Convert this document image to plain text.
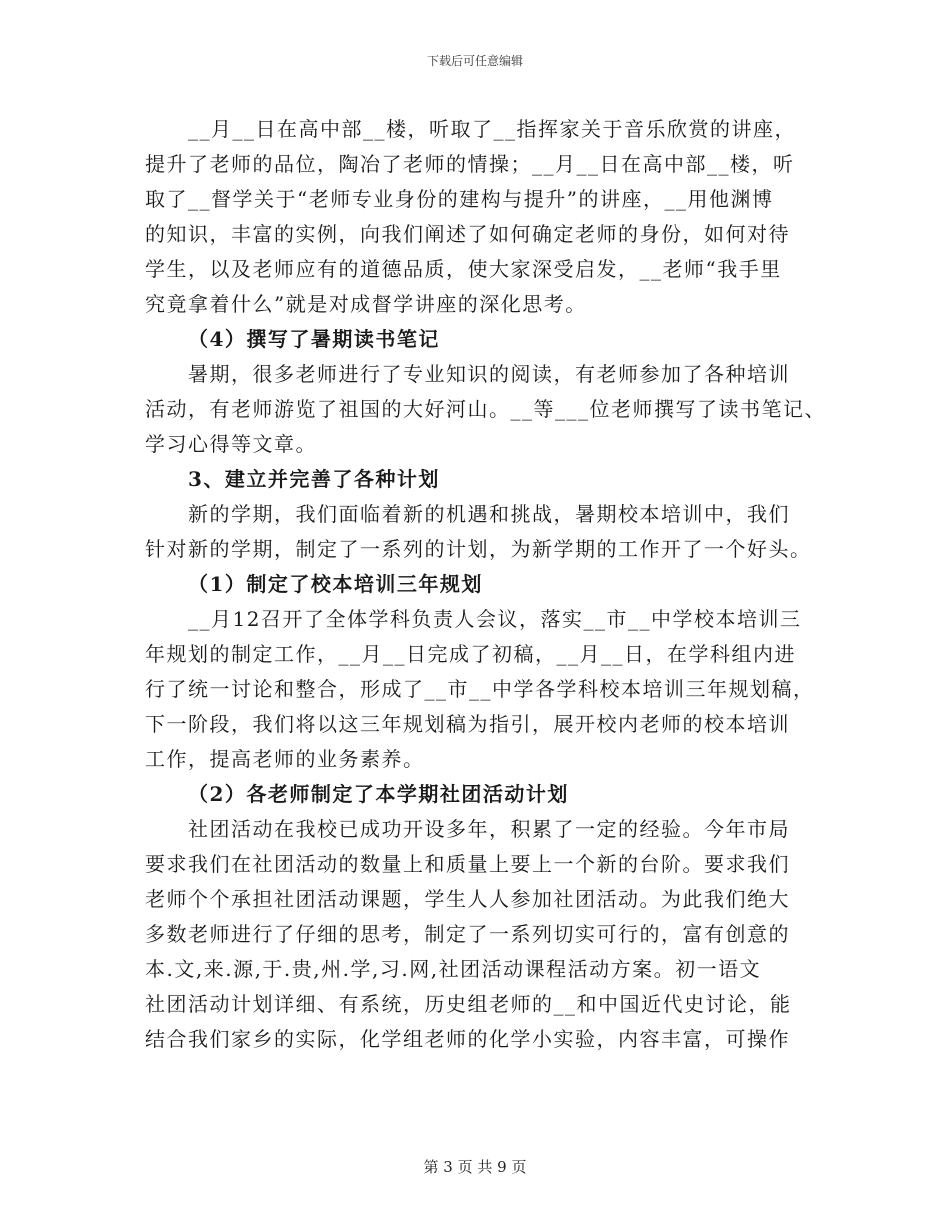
下载后可任意编辑
__月__日在高中部__楼，听取了__指挥家关于音乐欣赏的讲座，
提升了老师的品位，陶冶了老师的情操；__月__日在高中部__楼，听
取了__督学关于“老师专业身份的建构与提升”的讲座，__用他渊博
的知识，丰富的实例，向我们阐述了如何确定老师的身份，如何对待
学生，以及老师应有的道德品质，使大家深受启发，__老师“我手里
究竟拿着什么”就是对成督学讲座的深化思考。
（4）撰写了暑期读书笔记
暑期，很多老师进行了专业知识的阅读，有老师参加了各种培训
活动，有老师游览了祖国的大好河山。__等___位老师撰写了读书笔记、
学习心得等文章。
3、建立并完善了各种计划
新的学期，我们面临着新的机遇和挑战，暑期校本培训中，我们
针对新的学期，制定了一系列的计划，为新学期的工作开了一个好头。
（1）制定了校本培训三年规划
__月12召开了全体学科负责人会议，落实__市__中学校本培训三
年规划的制定工作，__月__日完成了初稿，__月__日，在学科组内进
行了统一讨论和整合，形成了__市__中学各学科校本培训三年规划稿，
下一阶段，我们将以这三年规划稿为指引，展开校内老师的校本培训
工作，提高老师的业务素养。
（2）各老师制定了本学期社团活动计划
社团活动在我校已成功开设多年，积累了一定的经验。今年市局
要求我们在社团活动的数量上和质量上要上一个新的台阶。要求我们
老师个个承担社团活动课题，学生人人参加社团活动。为此我们绝大
多数老师进行了仔细的思考，制定了一系列切实可行的，富有创意的
本.文,来.源,于.贵,州.学,习.网,社团活动课程活动方案。初一语文
社团活动计划详细、有系统，历史组老师的__和中国近代史讨论，能
结合我们家乡的实际，化学组老师的化学小实验，内容丰富，可操作
第 3 页 共 9 页
